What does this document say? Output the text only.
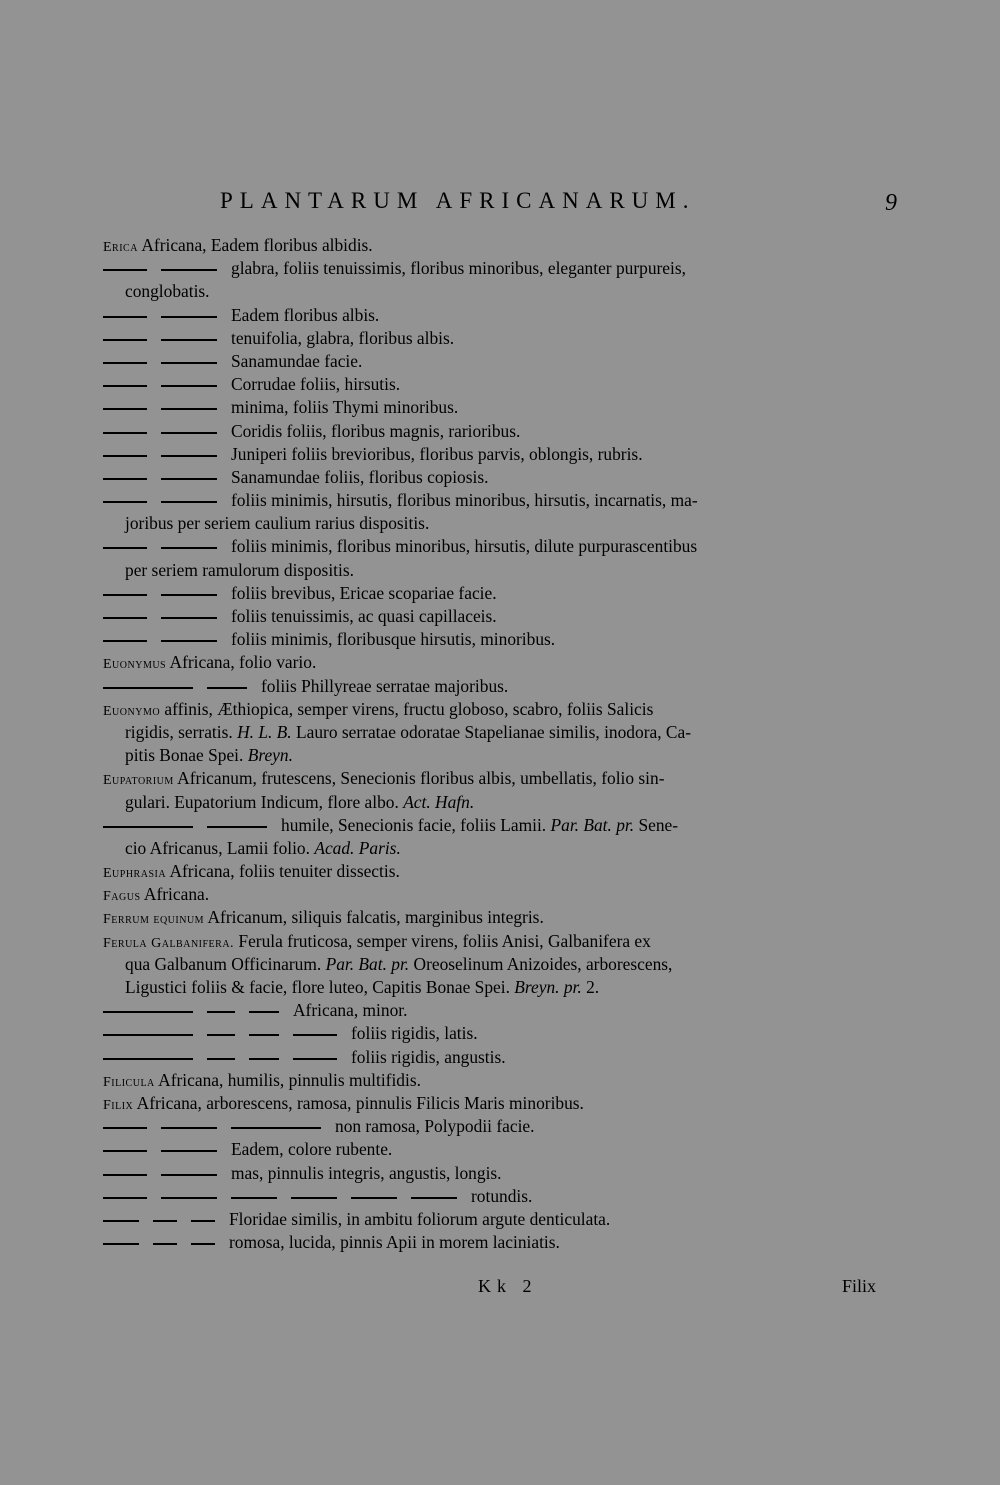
PLANTARUM AFRICANARUM.	9
Erica Africana, Eadem floribus albidis.
glabra, foliis tenuissimis, floribus minoribus, eleganter purpureis,
conglobatis.
Eadem floribus albis.
tenuifolia, glabra, floribus albis.
Sanamundae facie.
Corrudae foliis, hirsutis.
minima, foliis Thymi minoribus.
Coridis foliis, floribus magnis, rarioribus.
Juniperi foliis brevioribus, floribus parvis, oblongis, rubris.
Sanamundae foliis, floribus copiosis.
foliis minimis, hirsutis, floribus minoribus, hirsutis, incarnatis, ma-
joribus per seriem caulium rarius dispositis.
foliis minimis, floribus minoribus, hirsutis, dilute purpurascentibus
per seriem ramulorum dispositis.
foliis brevibus, Ericae scopariae facie.
foliis tenuissimis, ac quasi capillaceis.
foliis minimis, floribusque hirsutis, minoribus.
Euonymus Africana, folio vario.
foliis Phillyreae serratae majoribus.
Euonymo affinis, Æthiopica, semper virens, fructu globoso, scabro, foliis Salicis
rigidis, serratis. H. L. B. Lauro serratae odoratae Stapelianae similis, inodora, Ca-
pitis Bonae Spei. Breyn.
Eupatorium Africanum, frutescens, Senecionis floribus albis, umbellatis, folio sin-
gulari. Eupatorium Indicum, flore albo. Act. Hafn.
humile, Senecionis facie, foliis Lamii. Par. Bat. pr. Sene-
cio Africanus, Lamii folio. Acad. Paris.
Euphrasia Africana, foliis tenuiter dissectis.
Fagus Africana.
Ferrum equinum Africanum, siliquis falcatis, marginibus integris.
Ferula Galbanifera. Ferula fruticosa, semper virens, foliis Anisi, Galbanifera ex
qua Galbanum Officinarum. Par. Bat. pr. Oreoselinum Anizoides, arborescens,
Ligustici foliis & facie, flore luteo, Capitis Bonae Spei. Breyn. pr. 2.
Africana, minor.
foliis rigidis, latis.
foliis rigidis, angustis.
Filicula Africana, humilis, pinnulis multifidis.
Filix Africana, arborescens, ramosa, pinnulis Filicis Maris minoribus.
non ramosa, Polypodii facie.
Eadem, colore rubente.
mas, pinnulis integris, angustis, longis.
rotundis.
Floridae similis, in ambitu foliorum argute denticulata.
romosa, lucida, pinnis Apii in morem laciniatis.
Kk 2	Filix
